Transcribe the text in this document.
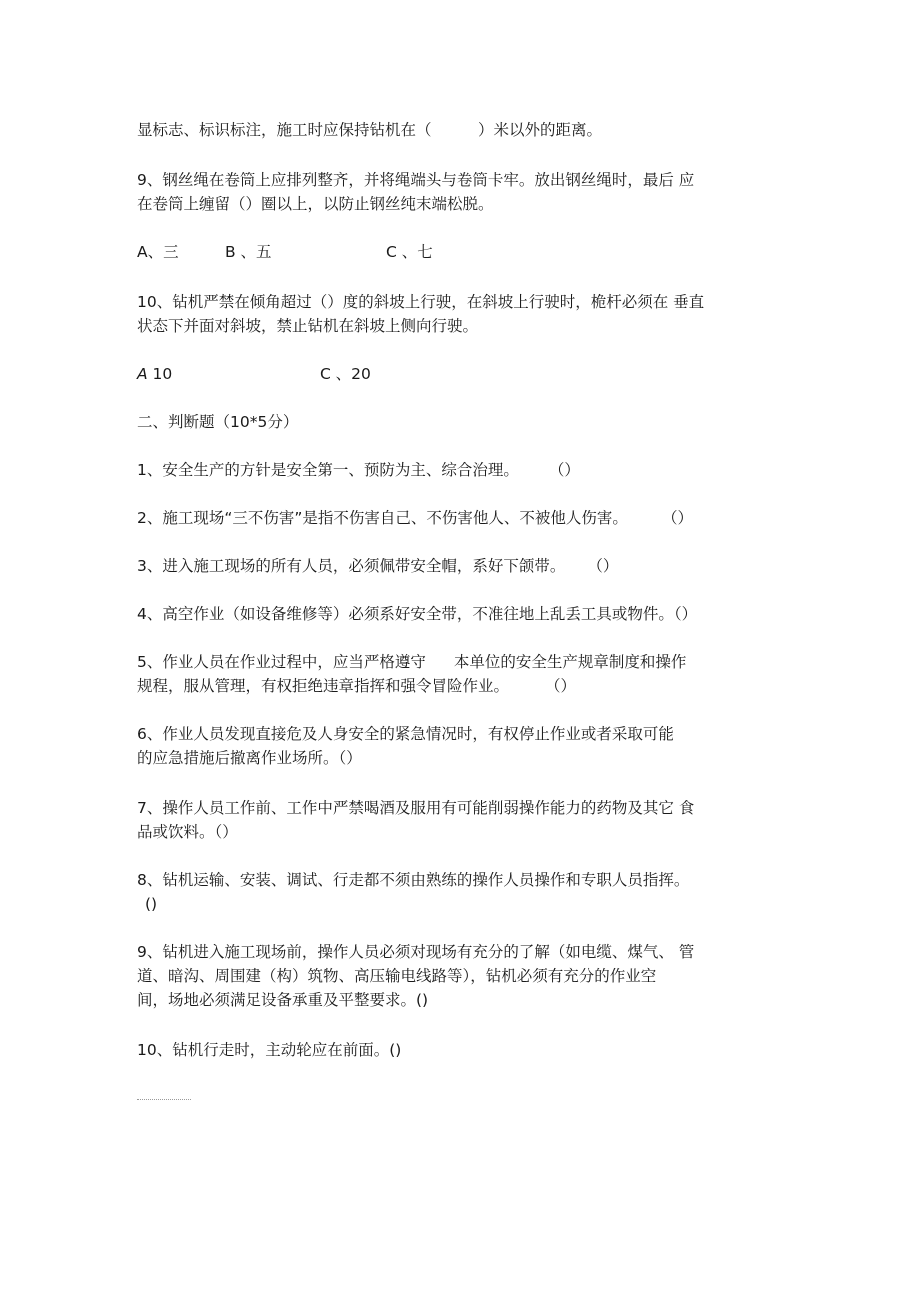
显标志、标识标注，施工时应保持钻机在（　　　）米以外的距离。

9、钢丝绳在卷筒上应排列整齐，并将绳端头与卷筒卡牢。放出钢丝绳时，最后 应

在卷筒上缠留（）圈以上，以防止钢丝纯末端松脱。

A、三	B 、五	C 、七

10、钻机严禁在倾角超过（）度的斜坡上行驶，在斜坡上行驶时，桅杆必须在 垂直

状态下并面对斜坡，禁止钻机在斜坡上侧向行驶。

A 10	C 、20

二、判断题（10*5分）

1、安全生产的方针是安全第一、预防为主、综合治理。 （）

2、施工现场“三不伤害”是指不伤害自己、不伤害他人、不被他人伤害。 （）

3、进入施工现场的所有人员，必须佩带安全帽，系好下颌带。 （）

4、高空作业（如设备维修等）必须系好安全带，不准往地上乱丢工具或物件。（）

5、作业人员在作业过程中，应当严格遵守 本单位的安全生产规章制度和操作

规程，服从管理，有权拒绝违章指挥和强令冒险作业。 （）

6、作业人员发现直接危及人身安全的紧急情况时，有权停止作业或者采取可能

的应急措施后撤离作业场所。（）

7、操作人员工作前、工作中严禁喝酒及服用有可能削弱操作能力的药物及其它 食

品或饮料。（）

8、钻机运输、安装、调试、行走都不须由熟练的操作人员操作和专职人员指挥。

()

9、钻机进入施工现场前，操作人员必须对现场有充分的了解（如电缆、煤气、 管

道、暗沟、周围建（构）筑物、高压输电线路等），钻机必须有充分的作业空

间，场地必须满足设备承重及平整要求。()

10、钻机行走时，主动轮应在前面。()
